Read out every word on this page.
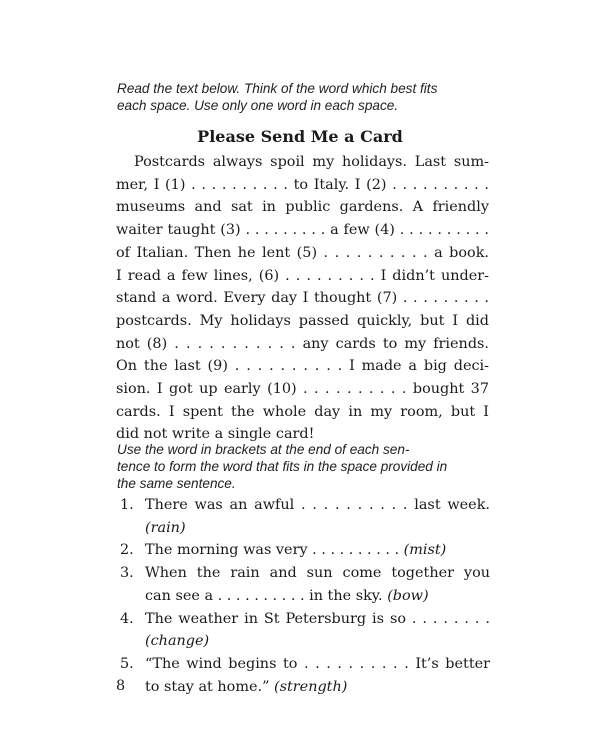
Read the text below. Think of the word which best fits
each space. Use only one word in each space.
Please Send Me a Card
Postcards always spoil my holidays. Last sum-
mer, I (1) . . . . . . . . . . to Italy. I (2) . . . . . . . . . .
museums and sat in public gardens. A friendly
waiter taught (3) . . . . . . . . . a few (4) . . . . . . . . . .
of Italian. Then he lent (5) . . . . . . . . . . a book.
I read a few lines, (6) . . . . . . . . . I didn’t under-
stand a word. Every day I thought (7) . . . . . . . . .
postcards. My holidays passed quickly, but I did
not (8) . . . . . . . . . . . any cards to my friends.
On the last (9) . . . . . . . . . . I made a big deci-
sion. I got up early (10) . . . . . . . . . . bought 37
cards. I spent the whole day in my room, but I
did not write a single card!
Use the word in brackets at the end of each sen-
tence to form the word that fits in the space provided in
the same sentence.
1. There was an awful . . . . . . . . . . last week.
(rain)
2. The morning was very . . . . . . . . . . (mist)
3. When the rain and sun come together you
can see a . . . . . . . . . . in the sky. (bow)
4. The weather in St Petersburg is so . . . . . . . .
(change)
5. “The wind begins to . . . . . . . . . . It’s better
to stay at home.” (strength)
8
